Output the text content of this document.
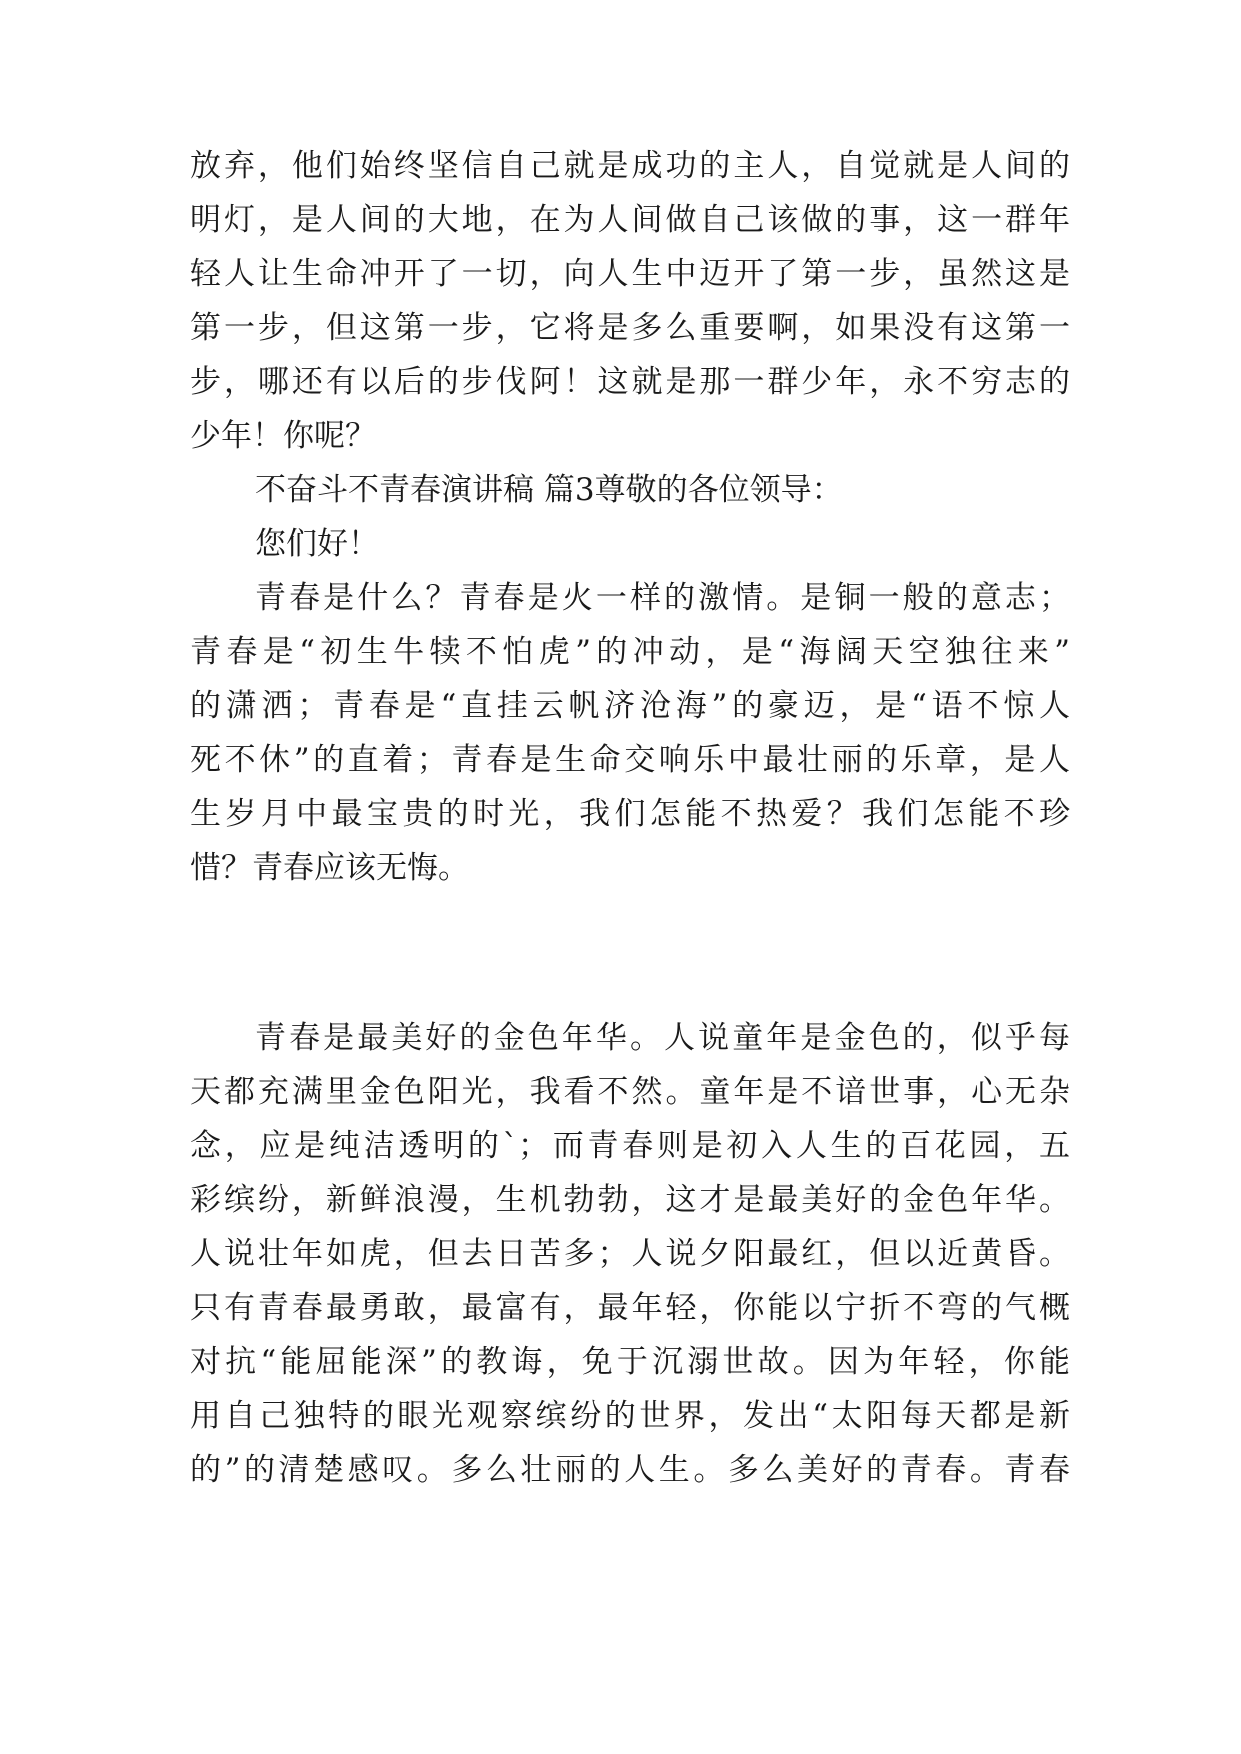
放弃，他们始终坚信自己就是成功的主人，自觉就是人间的
明灯，是人间的大地，在为人间做自己该做的事，这一群年
轻人让生命冲开了一切，向人生中迈开了第一步，虽然这是
第一步，但这第一步，它将是多么重要啊，如果没有这第一
步，哪还有以后的步伐阿！这就是那一群少年，永不穷志的
少年！你呢？
不奋斗不青春演讲稿 篇3尊敬的各位领导：
您们好！
青春是什么？青春是火一样的激情。是铜一般的意志；
青春是“初生牛犊不怕虎”的冲动，是“海阔天空独往来”
的潇洒；青春是“直挂云帆济沧海”的豪迈，是“语不惊人
死不休”的直着；青春是生命交响乐中最壮丽的乐章，是人
生岁月中最宝贵的时光，我们怎能不热爱？我们怎能不珍
惜？青春应该无悔。
青春是最美好的金色年华。人说童年是金色的，似乎每
天都充满里金色阳光，我看不然。童年是不谙世事，心无杂
念，应是纯洁透明的`；而青春则是初入人生的百花园，五
彩缤纷，新鲜浪漫，生机勃勃，这才是最美好的金色年华。
人说壮年如虎，但去日苦多；人说夕阳最红，但以近黄昏。
只有青春最勇敢，最富有，最年轻，你能以宁折不弯的气概
对抗“能屈能深”的教诲，免于沉溺世故。因为年轻，你能
用自己独特的眼光观察缤纷的世界，发出“太阳每天都是新
的”的清楚感叹。多么壮丽的人生。多么美好的青春。青春
